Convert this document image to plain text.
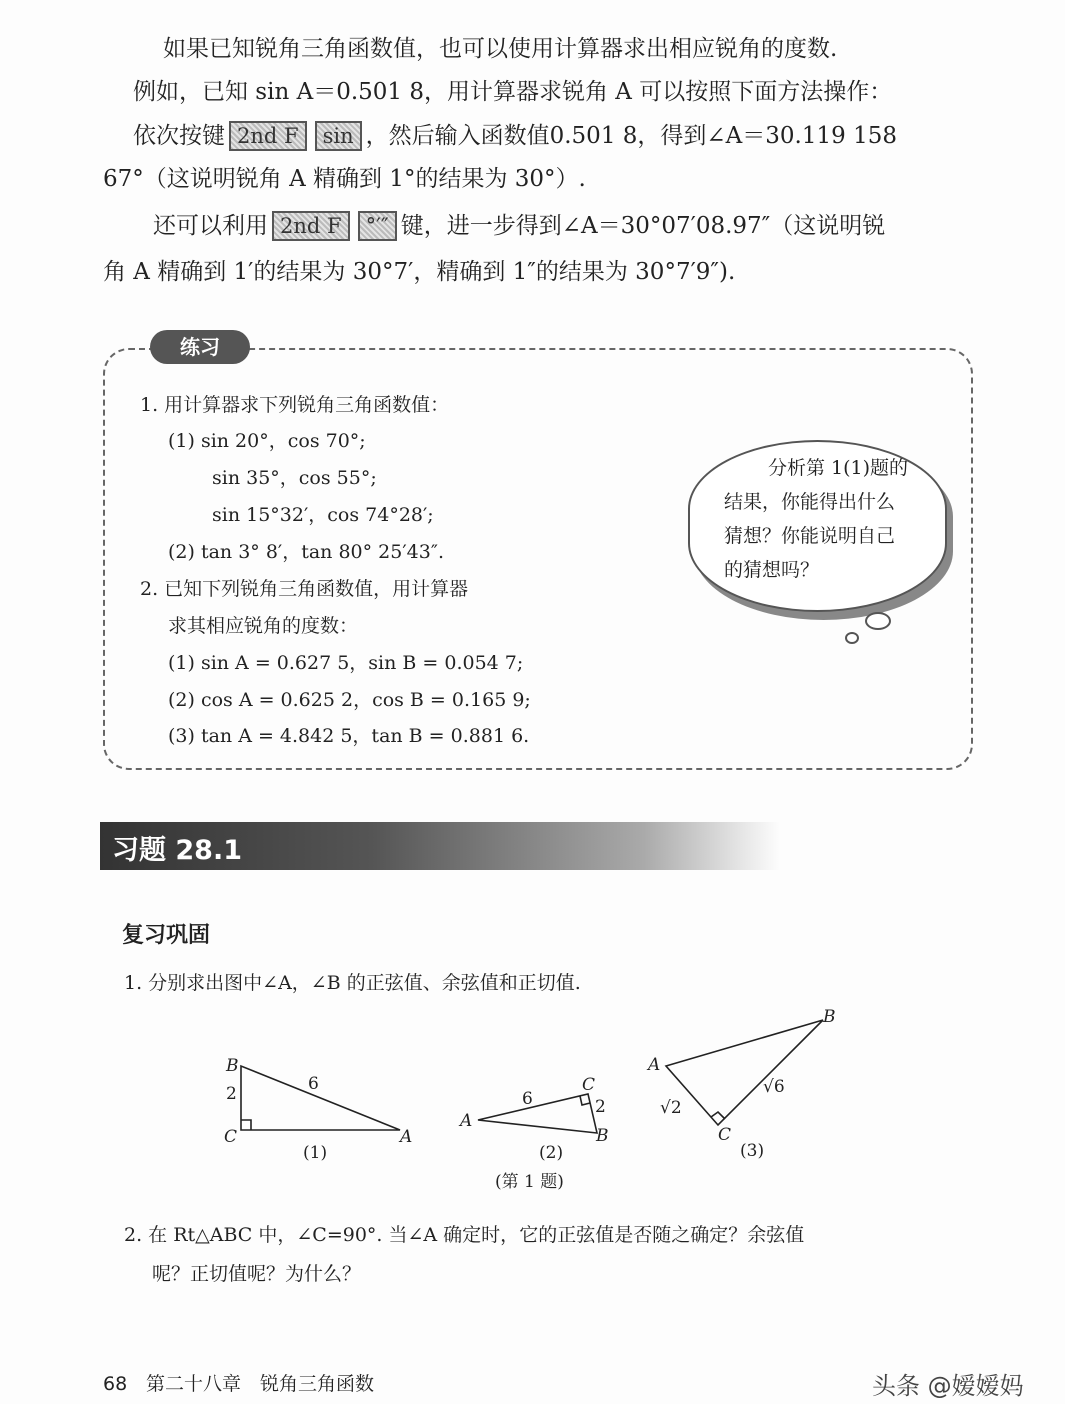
如果已知锐角三角函数值，也可以使用计算器求出相应锐角的度数.
例如，已知 sin A＝0.501 8，用计算器求锐角 A 可以按照下面方法操作：
依次按键 2nd F sin ，然后输入函数值0.501 8，得到∠A＝30.119 158
67°（这说明锐角 A 精确到 1°的结果为 30°）.
还可以利用 2nd F °′″ 键，进一步得到∠A＝30°07′08.97″（这说明锐
角 A 精确到 1′的结果为 30°7′，精确到 1″的结果为 30°7′9″).
练习
1. 用计算器求下列锐角三角函数值：
(1) sin 20°，cos 70°;
sin 35°，cos 55°;
sin 15°32′，cos 74°28′;
(2) tan 3° 8′，tan 80° 25′43″.
2. 已知下列锐角三角函数值，用计算器
求其相应锐角的度数：
(1) sin A = 0.627 5，sin B = 0.054 7;
(2) cos A = 0.625 2，cos B = 0.165 9;
(3) tan A = 4.842 5，tan B = 0.881 6.
分析第 1(1)题的
结果，你能得出什么
猜想？你能说明自己
的猜想吗？
习题 28.1
复习巩固
1. 分别求出图中∠A，∠B 的正弦值、余弦值和正切值.
B
C	A
2	6
(1)
A
C
B
6	2
(2)
A
B
C
√2
√6
(3)
(第 1 题)
2. 在 Rt△ABC 中，∠C=90°. 当∠A 确定时，它的正弦值是否随之确定？余弦值
呢？正切值呢？为什么？
68 第二十八章　锐角三角函数	头条 @嫒嫒妈
